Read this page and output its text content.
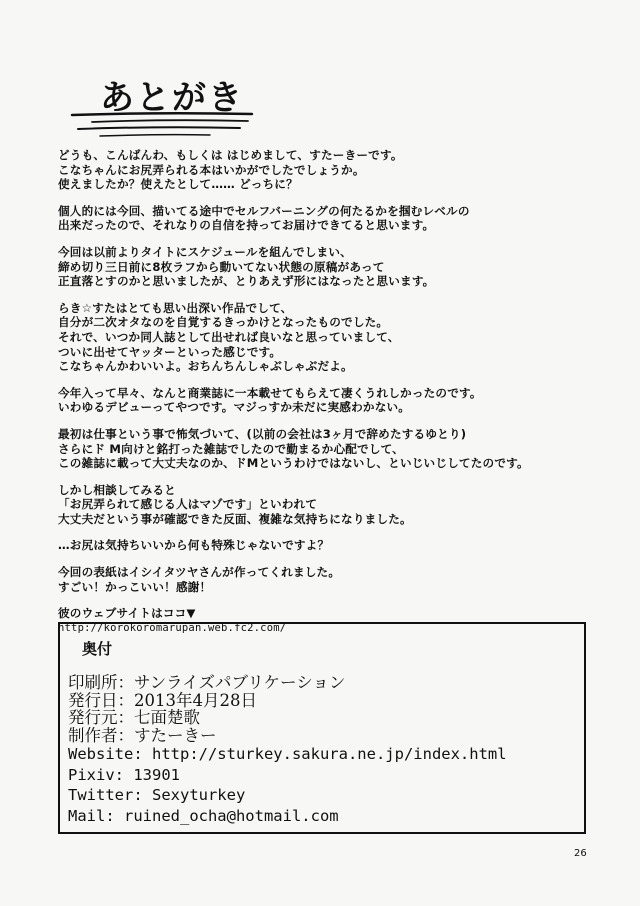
あとがき
どうも、こんばんわ、もしくは はじめまして、すたーきーです。
こなちゃんにお尻弄られる本はいかがでしたでしょうか。
使えましたか？使えたとして…… どっちに？
個人的には今回、描いてる途中でセルフバーニングの何たるかを掴むレベルの
出来だったので、それなりの自信を持ってお届けできてると思います。
今回は以前よりタイトにスケジュールを組んでしまい、
締め切り三日前に8枚ラフから動いてない状態の原稿があって
正直落とすのかと思いましたが、とりあえず形にはなったと思います。
らき☆すたはとても思い出深い作品でして、
自分が二次オタなのを自覚するきっかけとなったものでした。
それで、いつか同人誌として出せれば良いなと思っていまして、
ついに出せてヤッターといった感じです。
こなちゃんかわいいよ。おちんちんしゃぶしゃぶだよ。
今年入って早々、なんと商業誌に一本載せてもらえて凄くうれしかったのです。
いわゆるデビューってやつです。マジっすか未だに実感わかない。
最初は仕事という事で怖気づいて、(以前の会社は3ヶ月で辞めたするゆとり)
さらにド M向けと銘打った雑誌でしたので勤まるか心配でして、
この雑誌に載って大丈夫なのか、ドMというわけではないし、といじいじしてたのです。
しかし相談してみると
「お尻弄られて感じる人はマゾです」といわれて
大丈夫だという事が確認できた反面、複雑な気持ちになりました。
…お尻は気持ちいいから何も特殊じゃないですよ？
今回の表紙はイシイタツヤさんが作ってくれました。
すごい！かっこいい！感謝！
彼のウェブサイトはココ▼
http://korokoromarupan.web.fc2.com/
奥付
印刷所：サンライズパブリケーション
発行日：2013年4月28日
発行元：七面楚歌
制作者：すたーきー
Website: http://sturkey.sakura.ne.jp/index.html
Pixiv: 13901
Twitter: Sexyturkey
Mail: ruined_ocha@hotmail.com
26
